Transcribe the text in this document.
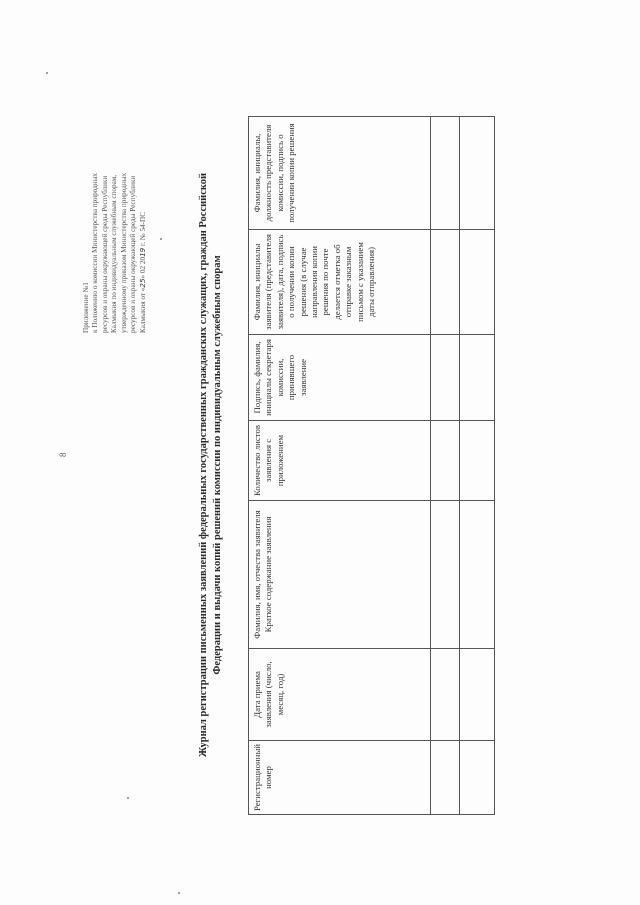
8
Приложение №1 к Положению о комиссии Министерства природных ресурсов и охраны окружающей среды Республики Калмыкия по индивидуальным служебным спорам, утвержденному приказом Министерства природных ресурсов и охраны окружающей среды Республики Калмыкия от «25» 02 2019 г. № 54-ПС	Журнал регистрации письменных заявлений федеральных государственных гражданских служащих, граждан Российской Федерации и выдачи копий решений комиссии по индивидуальным служебным спорам
Регистрационный номер	Дата приема заявления (число, месяц, год)	Фамилия, имя, отчества заявителя Краткое содержание заявления	Количество листов заявления с приложением	Подпись, фамилия, инициалы секретаря комиссии, принявшего заявление	Фамилия, инициалы заявителя (представителя заявителя), дата, подпись о получении копии решения (в случае направления копии решения по почте делается отметка об отправке заказным письмом с указанием даты отправления)	Фамилия, инициалы, должность представителя комиссии, подпись о получении копии решения
